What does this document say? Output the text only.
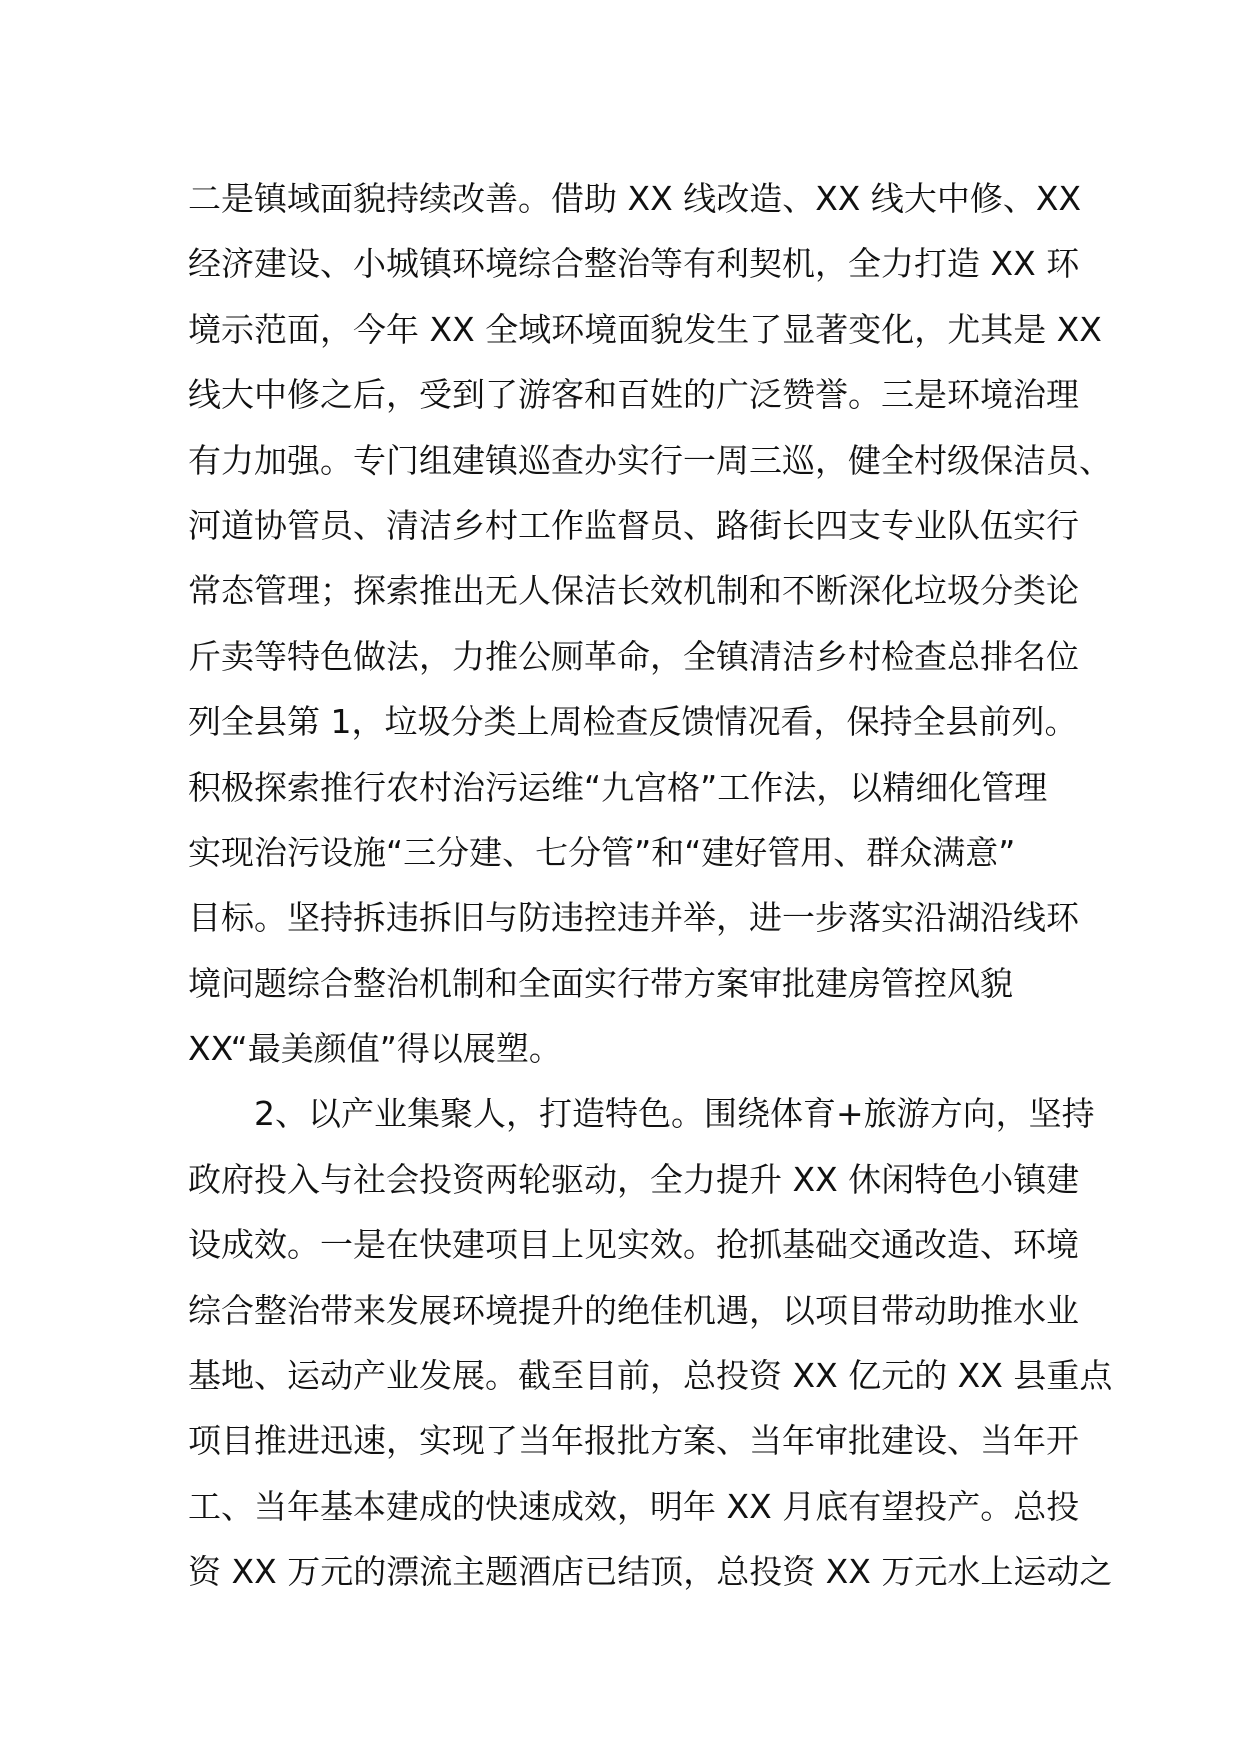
二是镇域面貌持续改善。借助 XX 线改造、XX 线大中修、XX
经济建设、小城镇环境综合整治等有利契机，全力打造 XX 环
境示范面，今年 XX 全域环境面貌发生了显著变化，尤其是 XX
线大中修之后，受到了游客和百姓的广泛赞誉。三是环境治理
有力加强。专门组建镇巡查办实行一周三巡，健全村级保洁员、
河道协管员、清洁乡村工作监督员、路街长四支专业队伍实行
常态管理；探索推出无人保洁长效机制和不断深化垃圾分类论
斤卖等特色做法，力推公厕革命，全镇清洁乡村检查总排名位
列全县第 1，垃圾分类上周检查反馈情况看，保持全县前列。
积极探索推行农村治污运维“九宫格”工作法，以精细化管理
实现治污设施“三分建、七分管”和“建好管用、群众满意”
目标。坚持拆违拆旧与防违控违并举，进一步落实沿湖沿线环
境问题综合整治机制和全面实行带方案审批建房管控风貌
XX“最美颜值”得以展塑。
2、以产业集聚人，打造特色。围绕体育+旅游方向，坚持
政府投入与社会投资两轮驱动，全力提升 XX 休闲特色小镇建
设成效。一是在快建项目上见实效。抢抓基础交通改造、环境
综合整治带来发展环境提升的绝佳机遇，以项目带动助推水业
基地、运动产业发展。截至目前，总投资 XX 亿元的 XX 县重点
项目推进迅速，实现了当年报批方案、当年审批建设、当年开
工、当年基本建成的快速成效，明年 XX 月底有望投产。总投
资 XX 万元的漂流主题酒店已结顶，总投资 XX 万元水上运动之
